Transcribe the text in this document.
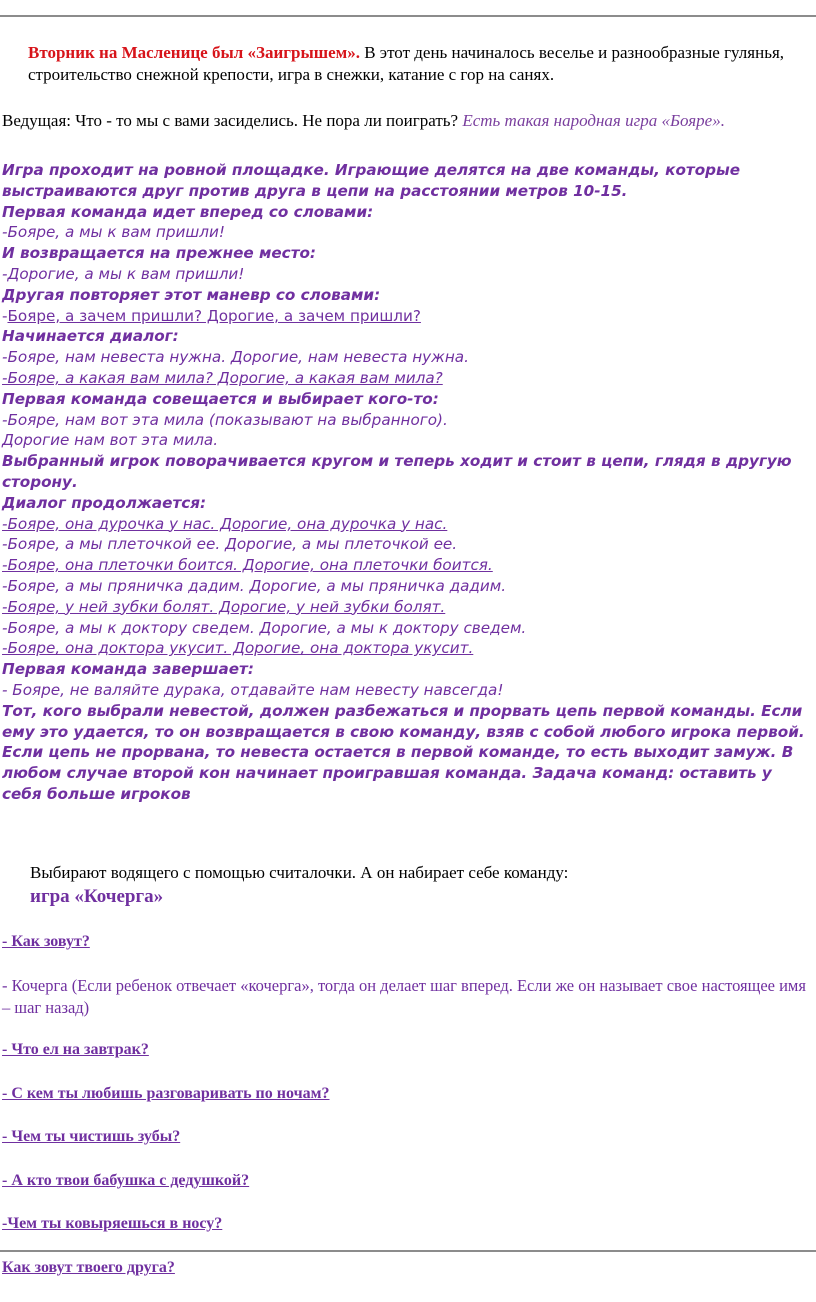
Вторник на Масленице был «Заигрышем». В этот день начиналось веселье и разнообразные гулянья, строительство снежной крепости, игра в снежки, катание с гор на санях.
Ведущая: Что - то мы с вами засиделись. Не пора ли поиграть? Есть такая народная игра «Бояре».
Игра проходит на ровной площадке. Играющие делятся на две команды, которые выстраиваются друг против друга в цепи на расстоянии метров 10-15.
Первая команда идет вперед со словами:
-Бояре, а мы к вам пришли!
И возвращается на прежнее место:
-Дорогие, а мы к вам пришли!
Другая повторяет этот маневр со словами:
-Бояре, а зачем пришли? Дорогие, а зачем пришли?
Начинается диалог:
-Бояре, нам невеста нужна. Дорогие, нам невеста нужна.
-Бояре, а какая вам мила? Дорогие, а какая вам мила?
Первая команда совещается и выбирает кого-то:
-Бояре, нам вот эта мила (показывают на выбранного).
Дорогие нам вот эта мила.
Выбранный игрок поворачивается кругом и теперь ходит и стоит в цепи, глядя в другую сторону.
Диалог продолжается:
-Бояре, она дурочка у нас. Дорогие, она дурочка у нас.
-Бояре, а мы плеточкой ее. Дорогие, а мы плеточкой ее.
-Бояре, она плеточки боится. Дорогие, она плеточки боится.
-Бояре, а мы пряничка дадим. Дорогие, а мы пряничка дадим.
-Бояре, у ней зубки болят. Дорогие, у ней зубки болят.
-Бояре, а мы к доктору сведем. Дорогие, а мы к доктору сведем.
-Бояре, она доктора укусит. Дорогие, она доктора укусит.
Первая команда завершает:
- Бояре, не валяйте дурака, отдавайте нам невесту навсегда!
Тот, кого выбрали невестой, должен разбежаться и прорвать цепь первой команды. Если ему это удается, то он возвращается в свою команду, взяв с собой любого игрока первой. Если цепь не прорвана, то невеста остается в первой команде, то есть выходит замуж. В любом случае второй кон начинает проигравшая команда. Задача команд: оставить у себя больше игроков
Выбирают водящего с помощью считалочки. А он набирает себе команду:
игра «Кочерга»
- Как зовут?
- Кочерга (Если ребенок отвечает «кочерга», тогда он делает шаг вперед. Если же он называет свое настоящее имя – шаг назад)
- Что ел на завтрак?
- С кем ты любишь разговаривать по ночам?
- Чем ты чистишь зубы?
- А кто твои бабушка с дедушкой?
-Чем ты ковыряешься в носу?
Как зовут твоего друга?
